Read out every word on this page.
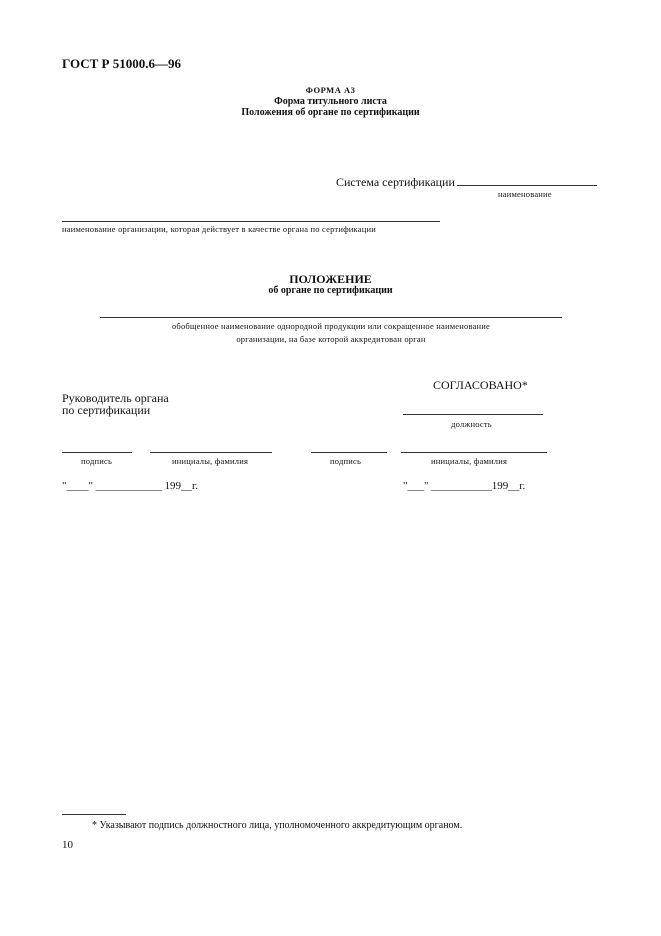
ГОСТ Р 51000.6—96
ФОРМА А3
Форма титульного листа
Положения об органе по сертификации
Система сертификации
наименование
наименование организации, которая действует в качестве органа по сертификации
ПОЛОЖЕНИЕ
об органе по сертификации
обобщенное наименование однородной продукции или сокращенное наименование
организации, на базе которой аккредитован орган
СОГЛАСОВАНО*
Руководитель органа
по сертификации
должность
подпись	инициалы, фамилия	подпись	инициалы, фамилия
"____" ____________ 199__г.	"___" ___________199__г.
* Указывают подпись должностного лица, уполномоченного аккредитующим органом.
10
